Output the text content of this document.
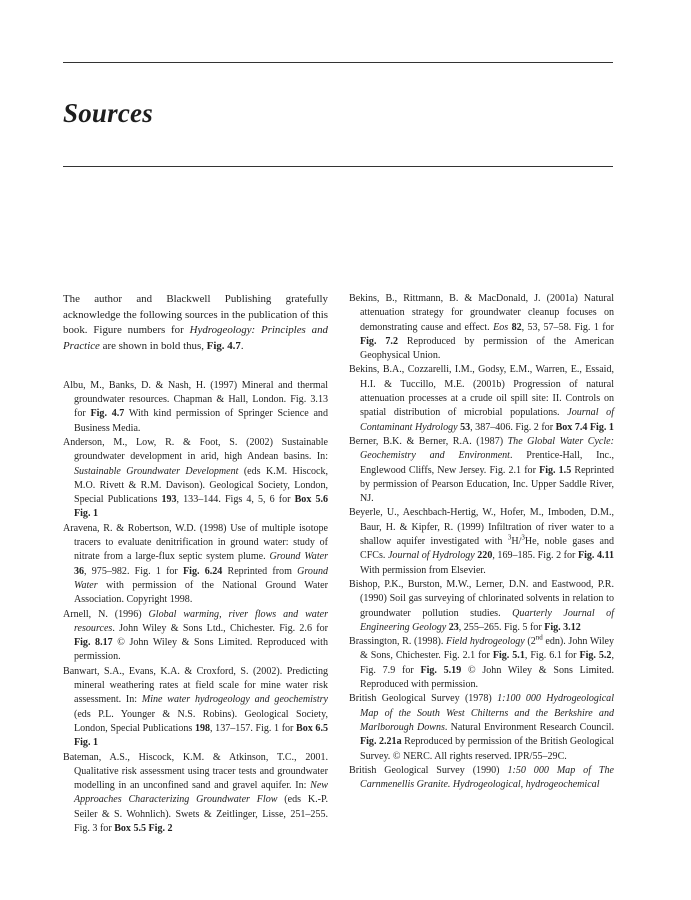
Sources

The author and Blackwell Publishing gratefully acknowledge the following sources in the publication of this book. Figure numbers for Hydrogeology: Principles and Practice are shown in bold thus, Fig. 4.7.

Albu, M., Banks, D. & Nash, H. (1997) Mineral and thermal groundwater resources. Chapman & Hall, London. Fig. 3.13 for Fig. 4.7 With kind permission of Springer Science and Business Media.

Anderson, M., Low, R. & Foot, S. (2002) Sustainable groundwater development in arid, high Andean basins. In: Sustainable Groundwater Development (eds K.M. Hiscock, M.O. Rivett & R.M. Davison). Geological Society, London, Special Publications 193, 133–144. Figs 4, 5, 6 for Box 5.6 Fig. 1

Aravena, R. & Robertson, W.D. (1998) Use of multiple isotope tracers to evaluate denitrification in ground water: study of nitrate from a large-flux septic system plume. Ground Water 36, 975–982. Fig. 1 for Fig. 6.24 Reprinted from Ground Water with permission of the National Ground Water Association. Copyright 1998.

Arnell, N. (1996) Global warming, river flows and water resources. John Wiley & Sons Ltd., Chichester. Fig. 2.6 for Fig. 8.17 © John Wiley & Sons Limited. Reproduced with permission.

Banwart, S.A., Evans, K.A. & Croxford, S. (2002). Predicting mineral weathering rates at field scale for mine water risk assessment. In: Mine water hydrogeology and geochemistry (eds P.L. Younger & N.S. Robins). Geological Society, London, Special Publications 198, 137–157. Fig. 1 for Box 6.5 Fig. 1

Bateman, A.S., Hiscock, K.M. & Atkinson, T.C., 2001. Qualitative risk assessment using tracer tests and groundwater modelling in an unconfined sand and gravel aquifer. In: New Approaches Characterizing Groundwater Flow (eds K.-P. Seiler & S. Wohnlich). Swets & Zeitlinger, Lisse, 251–255. Fig. 3 for Box 5.5 Fig. 2

Bekins, B., Rittmann, B. & MacDonald, J. (2001a) Natural attenuation strategy for groundwater cleanup focuses on demonstrating cause and effect. Eos 82, 53, 57–58. Fig. 1 for Fig. 7.2 Reproduced by permission of the American Geophysical Union.

Bekins, B.A., Cozzarelli, I.M., Godsy, E.M., Warren, E., Essaid, H.I. & Tuccillo, M.E. (2001b) Progression of natural attenuation processes at a crude oil spill site: II. Controls on spatial distribution of microbial populations. Journal of Contaminant Hydrology 53, 387–406. Fig. 2 for Box 7.4 Fig. 1

Berner, B.K. & Berner, R.A. (1987) The Global Water Cycle: Geochemistry and Environment. Prentice-Hall, Inc., Englewood Cliffs, New Jersey. Fig. 2.1 for Fig. 1.5 Reprinted by permission of Pearson Education, Inc. Upper Saddle River, NJ.

Beyerle, U., Aeschbach-Hertig, W., Hofer, M., Imboden, D.M., Baur, H. & Kipfer, R. (1999) Infiltration of river water to a shallow aquifer investigated with $^3$H/$^3$He, noble gases and CFCs. Journal of Hydrology 220, 169–185. Fig. 2 for Fig. 4.11 With permission from Elsevier.

Bishop, P.K., Burston, M.W., Lerner, D.N. and Eastwood, P.R. (1990) Soil gas surveying of chlorinated solvents in relation to groundwater pollution studies. Quarterly Journal of Engineering Geology 23, 255–265. Fig. 5 for Fig. 3.12

Brassington, R. (1998). Field hydrogeology (2nd edn). John Wiley & Sons, Chichester. Fig. 2.1 for Fig. 5.1, Fig. 6.1 for Fig. 5.2, Fig. 7.9 for Fig. 5.19 © John Wiley & Sons Limited. Reproduced with permission.

British Geological Survey (1978) 1:100 000 Hydrogeological Map of the South West Chilterns and the Berkshire and Marlborough Downs. Natural Environment Research Council. Fig. 2.21a Reproduced by permission of the British Geological Survey. © NERC. All rights reserved. IPR/55–29C.

British Geological Survey (1990) 1:50 000 Map of The Carnmenellis Granite. Hydrogeological, hydrogeochemical
